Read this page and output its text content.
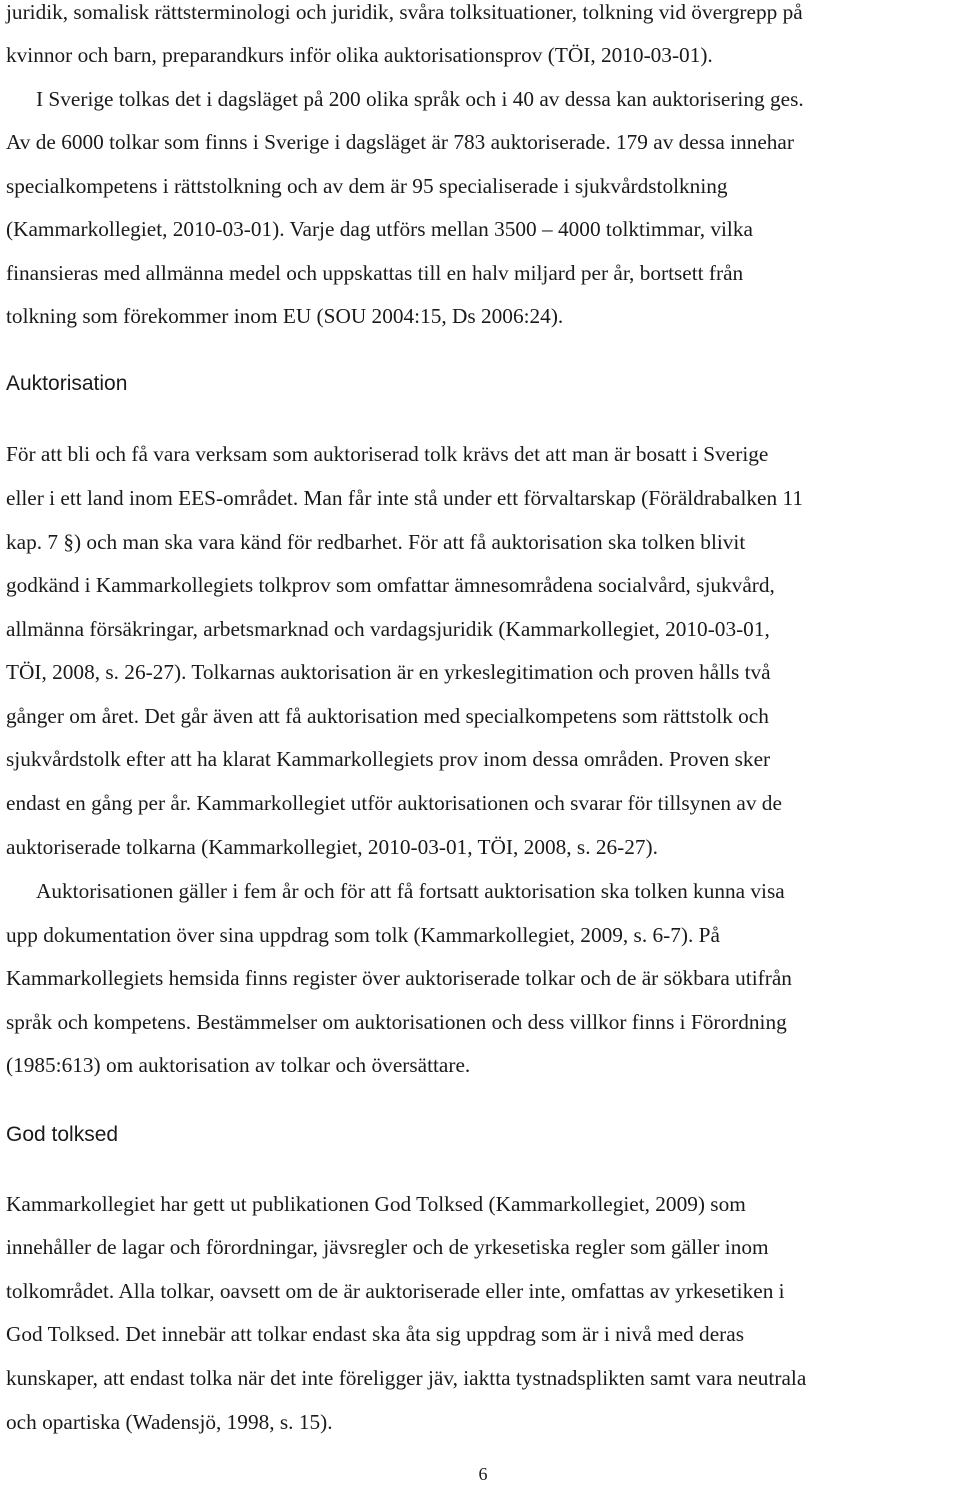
juridik, somalisk rättsterminologi och juridik, svåra tolksituationer, tolkning vid övergrepp på
kvinnor och barn, preparandkurs inför olika auktorisationsprov (TÖI, 2010-03-01).
I Sverige tolkas det i dagsläget på 200 olika språk och i 40 av dessa kan auktorisering ges.
Av de 6000 tolkar som finns i Sverige i dagsläget är 783 auktoriserade. 179 av dessa innehar
specialkompetens i rättstolkning och av dem är 95 specialiserade i sjukvårdstolkning
(Kammarkollegiet, 2010-03-01). Varje dag utförs mellan 3500 – 4000 tolktimmar, vilka
finansieras med allmänna medel och uppskattas till en halv miljard per år, bortsett från
tolkning som förekommer inom EU (SOU 2004:15, Ds 2006:24).
Auktorisation
För att bli och få vara verksam som auktoriserad tolk krävs det att man är bosatt i Sverige
eller i ett land inom EES-området. Man får inte stå under ett förvaltarskap (Föräldrabalken 11
kap. 7 §) och man ska vara känd för redbarhet. För att få auktorisation ska tolken blivit
godkänd i Kammarkollegiets tolkprov som omfattar ämnesområdena socialvård, sjukvård,
allmänna försäkringar, arbetsmarknad och vardagsjuridik (Kammarkollegiet, 2010-03-01,
TÖI, 2008, s. 26-27). Tolkarnas auktorisation är en yrkeslegitimation och proven hålls två
gånger om året. Det går även att få auktorisation med specialkompetens som rättstolk och
sjukvårdstolk efter att ha klarat Kammarkollegiets prov inom dessa områden. Proven sker
endast en gång per år. Kammarkollegiet utför auktorisationen och svarar för tillsynen av de
auktoriserade tolkarna (Kammarkollegiet, 2010-03-01, TÖI, 2008, s. 26-27).
Auktorisationen gäller i fem år och för att få fortsatt auktorisation ska tolken kunna visa
upp dokumentation över sina uppdrag som tolk (Kammarkollegiet, 2009, s. 6-7). På
Kammarkollegiets hemsida finns register över auktoriserade tolkar och de är sökbara utifrån
språk och kompetens. Bestämmelser om auktorisationen och dess villkor finns i Förordning
(1985:613) om auktorisation av tolkar och översättare.
God tolksed
Kammarkollegiet har gett ut publikationen God Tolksed (Kammarkollegiet, 2009) som
innehåller de lagar och förordningar, jävsregler och de yrkesetiska regler som gäller inom
tolkområdet. Alla tolkar, oavsett om de är auktoriserade eller inte, omfattas av yrkesetiken i
God Tolksed. Det innebär att tolkar endast ska åta sig uppdrag som är i nivå med deras
kunskaper, att endast tolka när det inte föreligger jäv, iaktta tystnadsplikten samt vara neutrala
och opartiska (Wadensjö, 1998, s. 15).
6
